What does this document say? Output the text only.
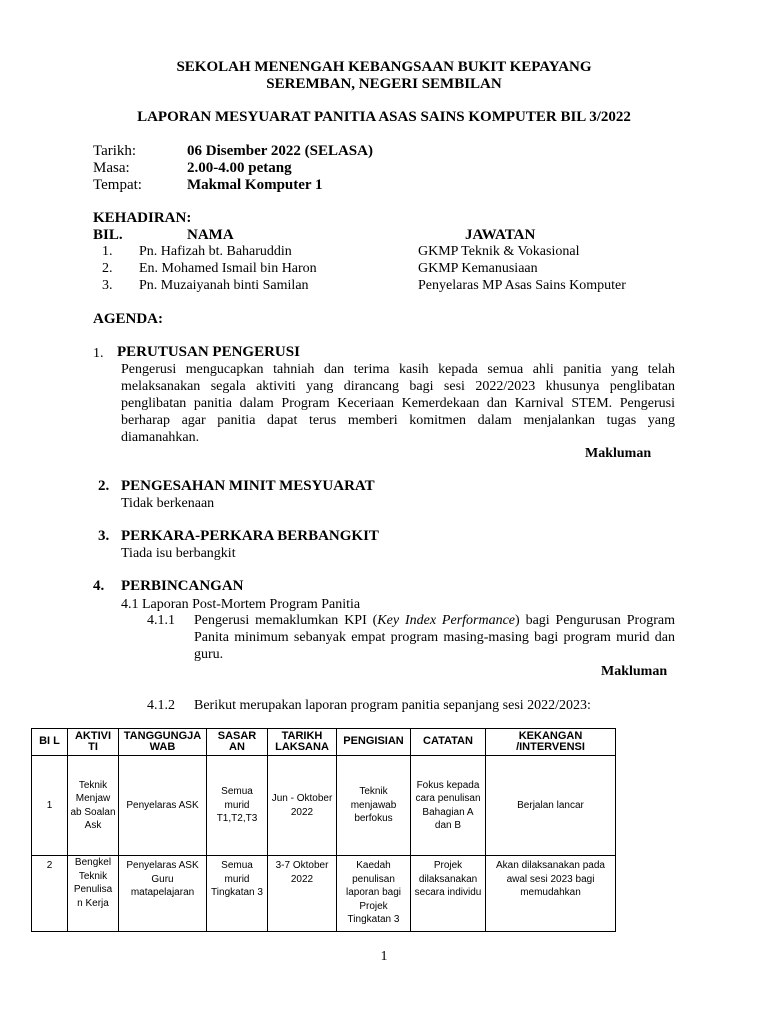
SEKOLAH MENENGAH KEBANGSAAN BUKIT KEPAYANG
SEREMBAN, NEGERI SEMBILAN
LAPORAN MESYUARAT PANITIA ASAS SAINS KOMPUTER BIL 3/2022
Tarikh:	06 Disember 2022 (SELASA)
Masa:	2.00-4.00 petang
Tempat:	Makmal Komputer 1
KEHADIRAN:
BIL.	NAMA	JAWATAN
1. Pn. Hafizah bt. Baharuddin	GKMP Teknik & Vokasional
2. En. Mohamed Ismail bin Haron	GKMP Kemanusiaan
3. Pn. Muzaiyanah binti Samilan	Penyelaras MP Asas Sains Komputer
AGENDA:
1. PERUTUSAN PENGERUSI
Pengerusi mengucapkan tahniah dan terima kasih kepada semua ahli panitia yang telah melaksanakan segala aktiviti yang dirancang bagi sesi 2022/2023 khusunya penglibatan penglibatan panitia dalam Program Keceriaan Kemerdekaan dan Karnival STEM. Pengerusi berharap agar panitia dapat terus memberi komitmen dalam menjalankan tugas yang diamanahkan.
Makluman
2. PENGESAHAN MINIT MESYUARAT
Tidak berkenaan
3. PERKARA-PERKARA BERBANGKIT
Tiada isu berbangkit
4. PERBINCANGAN
4.1 Laporan Post-Mortem Program Panitia
4.1.1 Pengerusi memaklumkan KPI (Key Index Performance) bagi Pengurusan Program Panita minimum sebanyak empat program masing-masing bagi program murid dan guru.
Makluman
4.1.2 Berikut merupakan laporan program panitia sepanjang sesi 2022/2023:
BI L	AKTIVI TI	TANGGUNGJA WAB	SASAR AN	TARIKH LAKSANA	PENGISIAN	CATATAN	KEKANGAN /INTERVENSI
1	Teknik Menjaw ab Soalan Ask	Penyelaras ASK	Semua murid T1,T2,T3	Jun - Oktober 2022	Teknik menjawab berfokus	Fokus kepada cara penulisan Bahagian A dan B	Berjalan lancar
2	Bengkel Teknik Penulisa n Kerja	Penyelaras ASK Guru matapelajaran	Semua murid Tingkatan 3	3-7 Oktober 2022	Kaedah penulisan laporan bagi Projek Tingkatan 3	Projek dilaksanakan secara individu	Akan dilaksanakan pada awal sesi 2023 bagi memudahkan
1
